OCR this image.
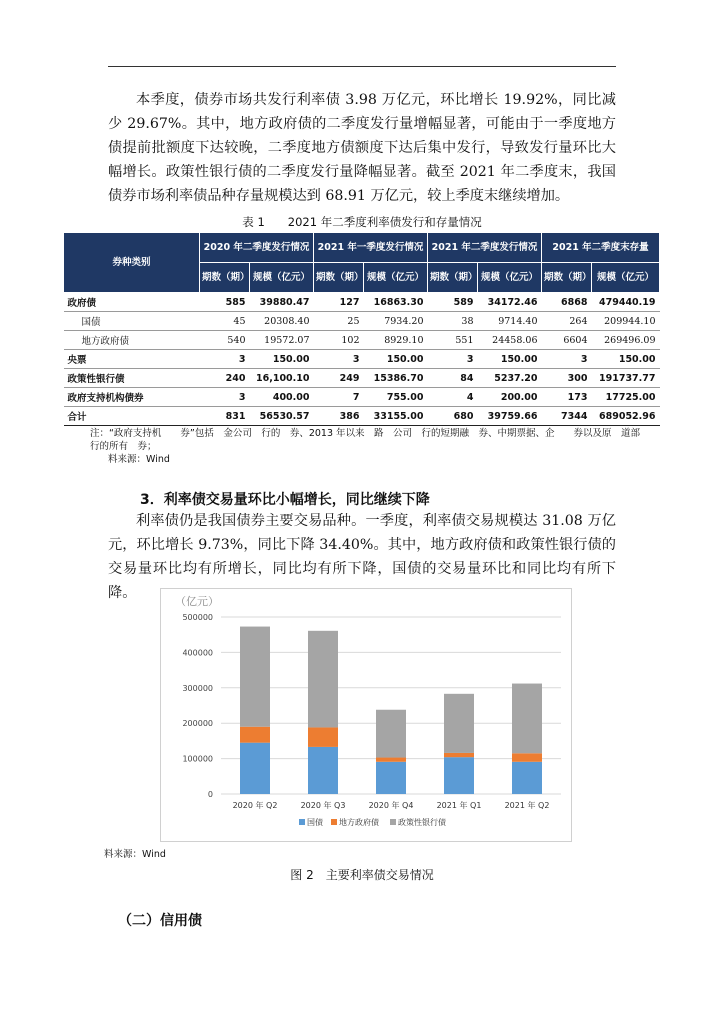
本季度，债券市场共发行利率债 3.98 万亿元，环比增长 19.92%，同比减少 29.67%。其中，地方政府债的二季度发行量增幅显著，可能由于一季度地方债提前批额度下达较晚，二季度地方债额度下达后集中发行，导致发行量环比大幅增长。政策性银行债的二季度发行量降幅显著。截至 2021 年二季度末，我国债券市场利率债品种存量规模达到 68.91 万亿元，较上季度末继续增加。

表 1　　2021 年二季度利率债发行和存量情况
券种类别	2020 年二季度发行情况		2021 年一季度发行情况		2021 年二季度发行情况		2021 年二季度末存量	
	期数（期）	规模（亿元）	期数（期）	规模（亿元）	期数（期）	规模（亿元）	期数（期）	规模（亿元）
政府债	585	39880.47	127	16863.30	589	34172.46	6868	479440.19
国债	45	20308.40	25	7934.20	38	9714.40	264	209944.10
地方政府债	540	19572.07	102	8929.10	551	24458.06	6604	269496.09
央票	3	150.00	3	150.00	3	150.00	3	150.00
政策性银行债	240	16,100.10	249	15386.70	84	5237.20	300	191737.77
政府支持机构债券	3	400.00	7	755.00	4	200.00	173	17725.00
合计	831	56530.57	386	33155.00	680	39759.66	7344	689052.96

注：“政府支持机　　券”包括　金公司　行的　券、2013 年以来　路　公司　行的短期融　券、中期票据、企　　券以及原　道部　行的所有　券；

料来源：Wind

3．利率债交易量环比小幅增长，同比继续下降

利率债仍是我国债券主要交易品种。一季度，利率债交易规模达 31.08 万亿元，环比增长 9.73%，同比下降 34.40%。其中，地方政府债和政策性银行债的交易量环比均有所增长，同比均有所下降，国债的交易量环比和同比均有所下降。

（亿元）
0
100000
200000
300000
400000
500000
2020 年 Q2	2020 年 Q3	2020 年 Q4	2021 年 Q1	2021 年 Q2
国债 地方政府债 政策性银行债

料来源：Wind

图 2　主要利率债交易情况
（二）信用债
